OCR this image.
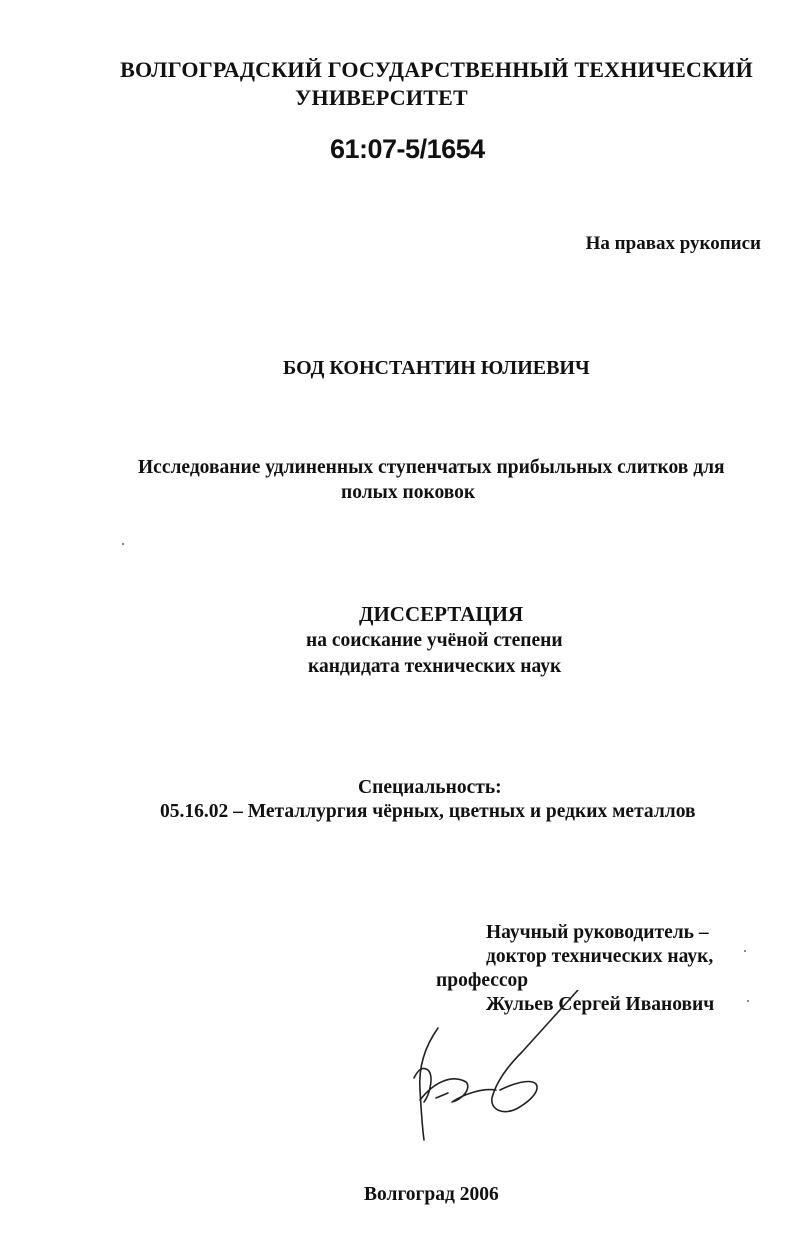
ВОЛГОГРАДСКИЙ ГОСУДАРСТВЕННЫЙ ТЕХНИЧЕСКИЙ
УНИВЕРСИТЕТ
61:07-5/1654
На правах рукописи
БОД КОНСТАНТИН ЮЛИЕВИЧ
Исследование удлиненных ступенчатых прибыльных слитков для
полых поковок
ДИССЕРТАЦИЯ
на соискание учёной степени
кандидата технических наук
Специальность:
05.16.02 – Металлургия чёрных, цветных и редких металлов
Научный руководитель –
доктор технических наук,
профессор
Жульев Сергей Иванович
Волгоград 2006
